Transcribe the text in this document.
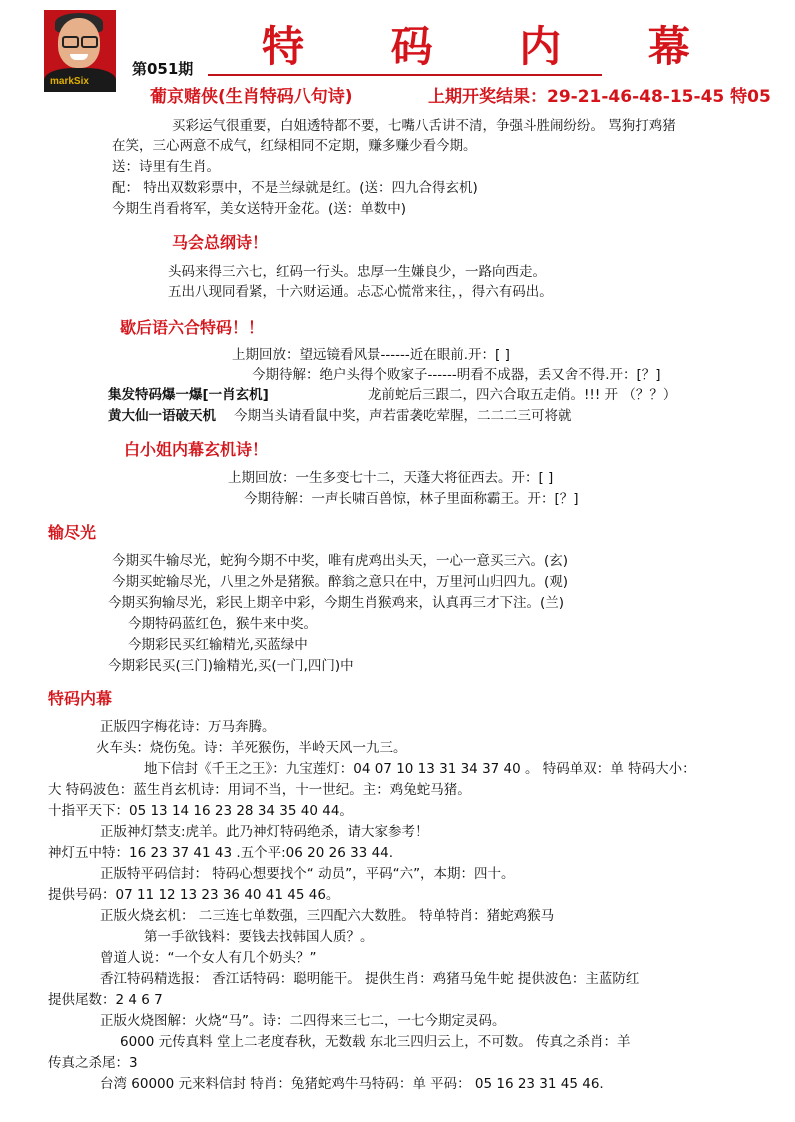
markSix
第051期 特 码 内 幕
葡京赌侠(生肖特码八句诗)	上期开奖结果：29-21-46-48-15-45 特05
买彩运气很重要，白姐透特都不要，七嘴八舌讲不清，争强斗胜闹纷纷。 骂狗打鸡猪
在笑，三心两意不成气，红绿相同不定期，赚多赚少看今期。
送：诗里有生肖。
配： 特出双数彩票中，不是兰绿就是红。(送：四九合得玄机)
今期生肖看将军，美女送特开金花。(送：单数中)
马会总纲诗！
头码来得三六七，红码一行头。忠厚一生嫌良少，一路向西走。
五出八现同看紧，十六财运通。忐忑心慌常来往，，得六有码出。
歇后语六合特码！！
上期回放：望远镜看风景------近在眼前.开：[ ]
今期待解：绝户头得个败家子------明看不成器，丢又舍不得.开：[？]
集发特码爆一爆[一肖玄机]	龙前蛇后三跟二，四六合取五走俏。!!! 开 （？？）
黄大仙一语破天机 今期当头请看鼠中奖，声若雷袭吃荤腥，二二二三可将就
白小姐内幕玄机诗！
上期回放：一生多变七十二，天蓬大将征西去。开：[ ]
今期待解：一声长啸百兽惊，林子里面称霸王。开：[？]
输尽光
今期买牛输尽光，蛇狗今期不中奖，唯有虎鸡出头天，一心一意买三六。(玄)
今期买蛇输尽光，八里之外是猪猴。醉翁之意只在中，万里河山归四九。(观)
今期买狗输尽光，彩民上期辛中彩，今期生肖猴鸡来，认真再三才下注。(兰)
今期特码蓝红色，猴牛来中奖。
今期彩民买红输精光,买蓝绿中
今期彩民买(三门)输精光,买(一门,四门)中
特码内幕
正版四字梅花诗：万马奔腾。
火车头：烧伤兔。诗：羊死猴伤，半岭天风一九三。
地下信封《千王之王》：九宝莲灯：04 07 10 13 31 34 37 40 。 特码单双：单 特码大小：
大 特码波色：蓝生肖玄机诗：用词不当，十一世纪。主：鸡兔蛇马猪。
十指平天下：05 13 14 16 23 28 34 35 40 44。
正版神灯禁支:虎羊。此乃神灯特码绝杀，请大家参考！
神灯五中特：16 23 37 41 43 .五个平:06 20 26 33 44.
正版特平码信封： 特码心想要找个“ 动员”，平码“六”，本期：四十。
提供号码：07 11 12 13 23 36 40 41 45 46。
正版火烧玄机： 二三连七单数强，三四配六大数胜。 特单特肖：猪蛇鸡猴马
第一手欲钱料：要钱去找韩国人质？。
曾道人说：“一个女人有几个奶头？”
香江特码精选报： 香江话特码：聪明能干。 提供生肖：鸡猪马兔牛蛇 提供波色：主蓝防红
提供尾数：2 4 6 7
正版火烧图解：火烧“马”。诗：二四得来三七二，一七今期定灵码。
6000 元传真料 堂上二老度春秋，无数载 东北三四归云上，不可数。 传真之杀肖：羊
传真之杀尾：3
台湾 60000 元来料信封 特肖：兔猪蛇鸡牛马特码：单 平码： 05 16 23 31 45 46.
